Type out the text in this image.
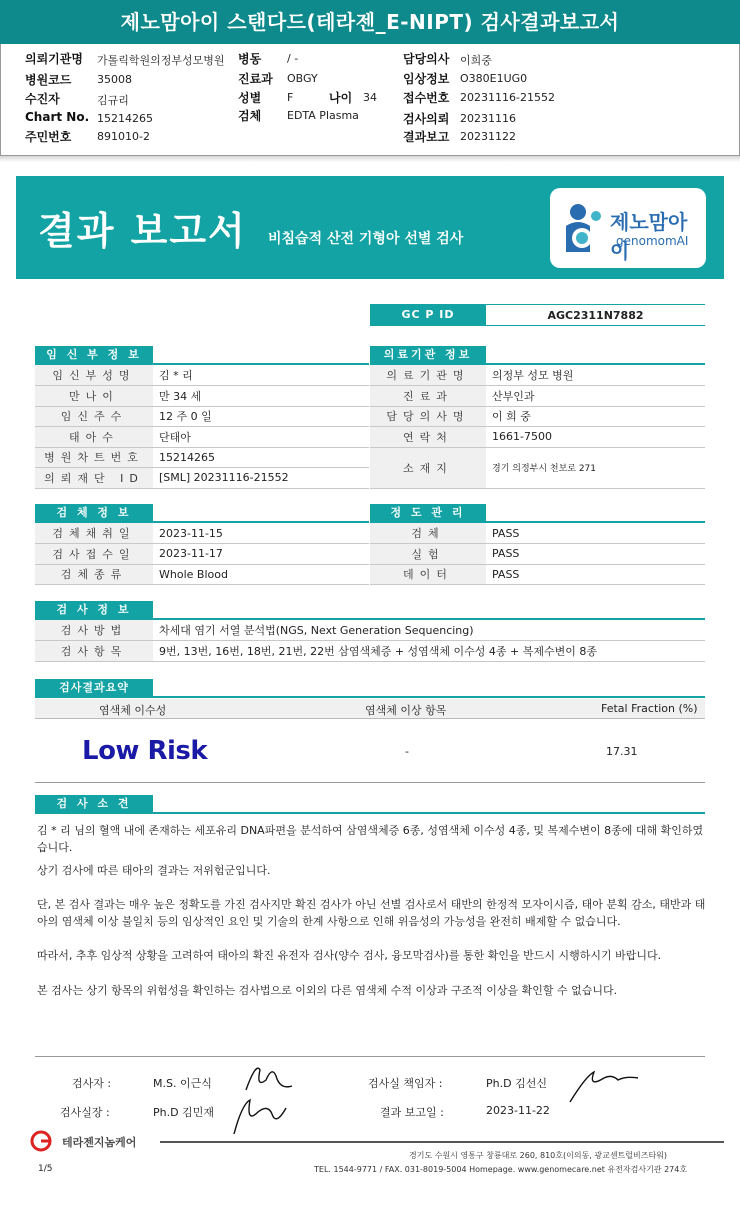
제노맘아이 스탠다드(테라젠_E-NIPT) 검사결과보고서
의뢰기관명 가톨릭학원의정부성모병원
병원코드 35008
수진자	김규리
Chart No. 15214265
주민번호 891010-2
병동 / -
진료과 OBGY
성별 F	나이 34
검체 EDTA Plasma
담당의사 이희중
임상정보 O380E1UG0
접수번호 20231116-21552
검사의뢰 20231116
결과보고 20231122
결과 보고서 비침습적 산전 기형아 선별 검사
제노맘아이
genomomAI
GC P ID	AGC2311N7882
임 신 부 정 보
임신부성명	김 * 리
만나이	만 34 세
임신주수	12 주 0 일
태아수	단태아
병원차트번호	15214265
의뢰재단 ID	[SML] 20231116-21552
의료기관 정보
의료기관명	의정부 성모 병원
진료과	산부인과
담당의사명	이 희 중
연락처	1661-7500
소재지	경기 의정부시 천보로 271
검 체 정 보
검체채취일	2023-11-15
검사접수일	2023-11-17
검체종류	Whole Blood
정 도 관 리
검체	PASS
실험	PASS
데이터	PASS
검 사 정 보
검사방법	차세대 염기 서열 분석법(NGS, Next Generation Sequencing)
검사항목	9번, 13번, 16번, 18번, 21번, 22번 삼염색체증 + 성염색체 이수성 4종 + 복제수변이 8종
검사결과요약
염색체 이수성	염색체 이상 항목	Fetal Fraction (%)
Low Risk	-	17.31
검 사 소 견
김 * 리 님의 혈액 내에 존재하는 세포유리 DNA파편을 분석하여 삼염색체증 6종, 성염색체 이수성 4종, 및 복제수변이 8종에 대해 확인하였습니다.
상기 검사에 따른 태아의 결과는 저위험군입니다.
단, 본 검사 결과는 매우 높은 정확도를 가진 검사지만 확진 검사가 아닌 선별 검사로서 태반의 한정적 모자이시즘, 태아 분획 감소, 태반과 태아의 염색체 이상 불일치 등의 임상적인 요인 및 기술의 한계 사항으로 인해 위음성의 가능성을 완전히 배제할 수 없습니다.
따라서, 추후 임상적 상황을 고려하여 태아의 확진 유전자 검사(양수 검사, 융모막검사)를 통한 확인을 반드시 시행하시기 바랍니다.
본 검사는 상기 항목의 위험성을 확인하는 검사법으로 이외의 다른 염색체 수적 이상과 구조적 이상을 확인할 수 없습니다.
검사자 :	M.S. 이근식	검사실 책임자 :	Ph.D 김선신
검사실장 :	Ph.D 김민재	결과 보고일 :	2023-11-22
테라젠지놈케어
경기도 수원시 영통구 창룡대로 260, 810호(이의동, 광교센트럴비즈타워)
TEL. 1544-9771 / FAX. 031-8019-5004 Homepage. www.genomecare.net 유전자검사기관 274호
1/5
